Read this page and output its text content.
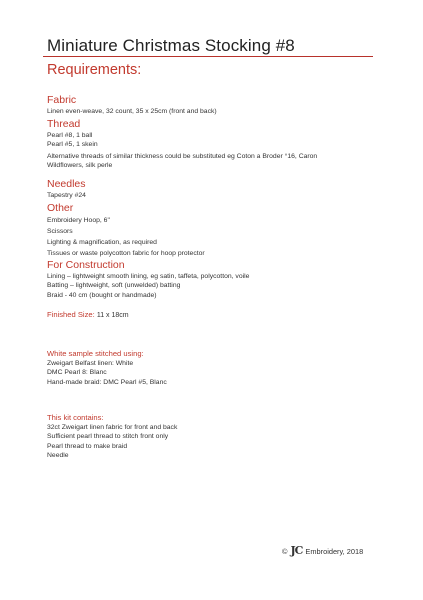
Miniature Christmas Stocking #8
Requirements:
Fabric
Linen even-weave, 32 count, 35 x 25cm (front and back)
Thread
Pearl #8, 1 ball
Pearl #5, 1 skein
Alternative threads of similar thickness could be substituted eg Coton a Broder °16, Caron
Wildflowers, silk perle
Needles
Tapestry #24
Other
Embroidery Hoop, 6"
Scissors
Lighting & magnification, as required
Tissues or waste polycotton fabric for hoop protector
For Construction
Lining – lightweight smooth lining, eg satin, taffeta, polycotton, voile
Batting – lightweight, soft (unwelded) batting
Braid - 40 cm (bought or handmade)
Finished Size: 11 x 18cm
White sample stitched using:
Zweigart Belfast linen: White
DMC Pearl 8: Blanc
Hand-made braid: DMC Pearl #5, Blanc
This kit contains:
32ct Zweigart linen fabric for front and back
Sufficient pearl thread to stitch front only
Pearl thread to make braid
Needle
© JC Embroidery, 2018
